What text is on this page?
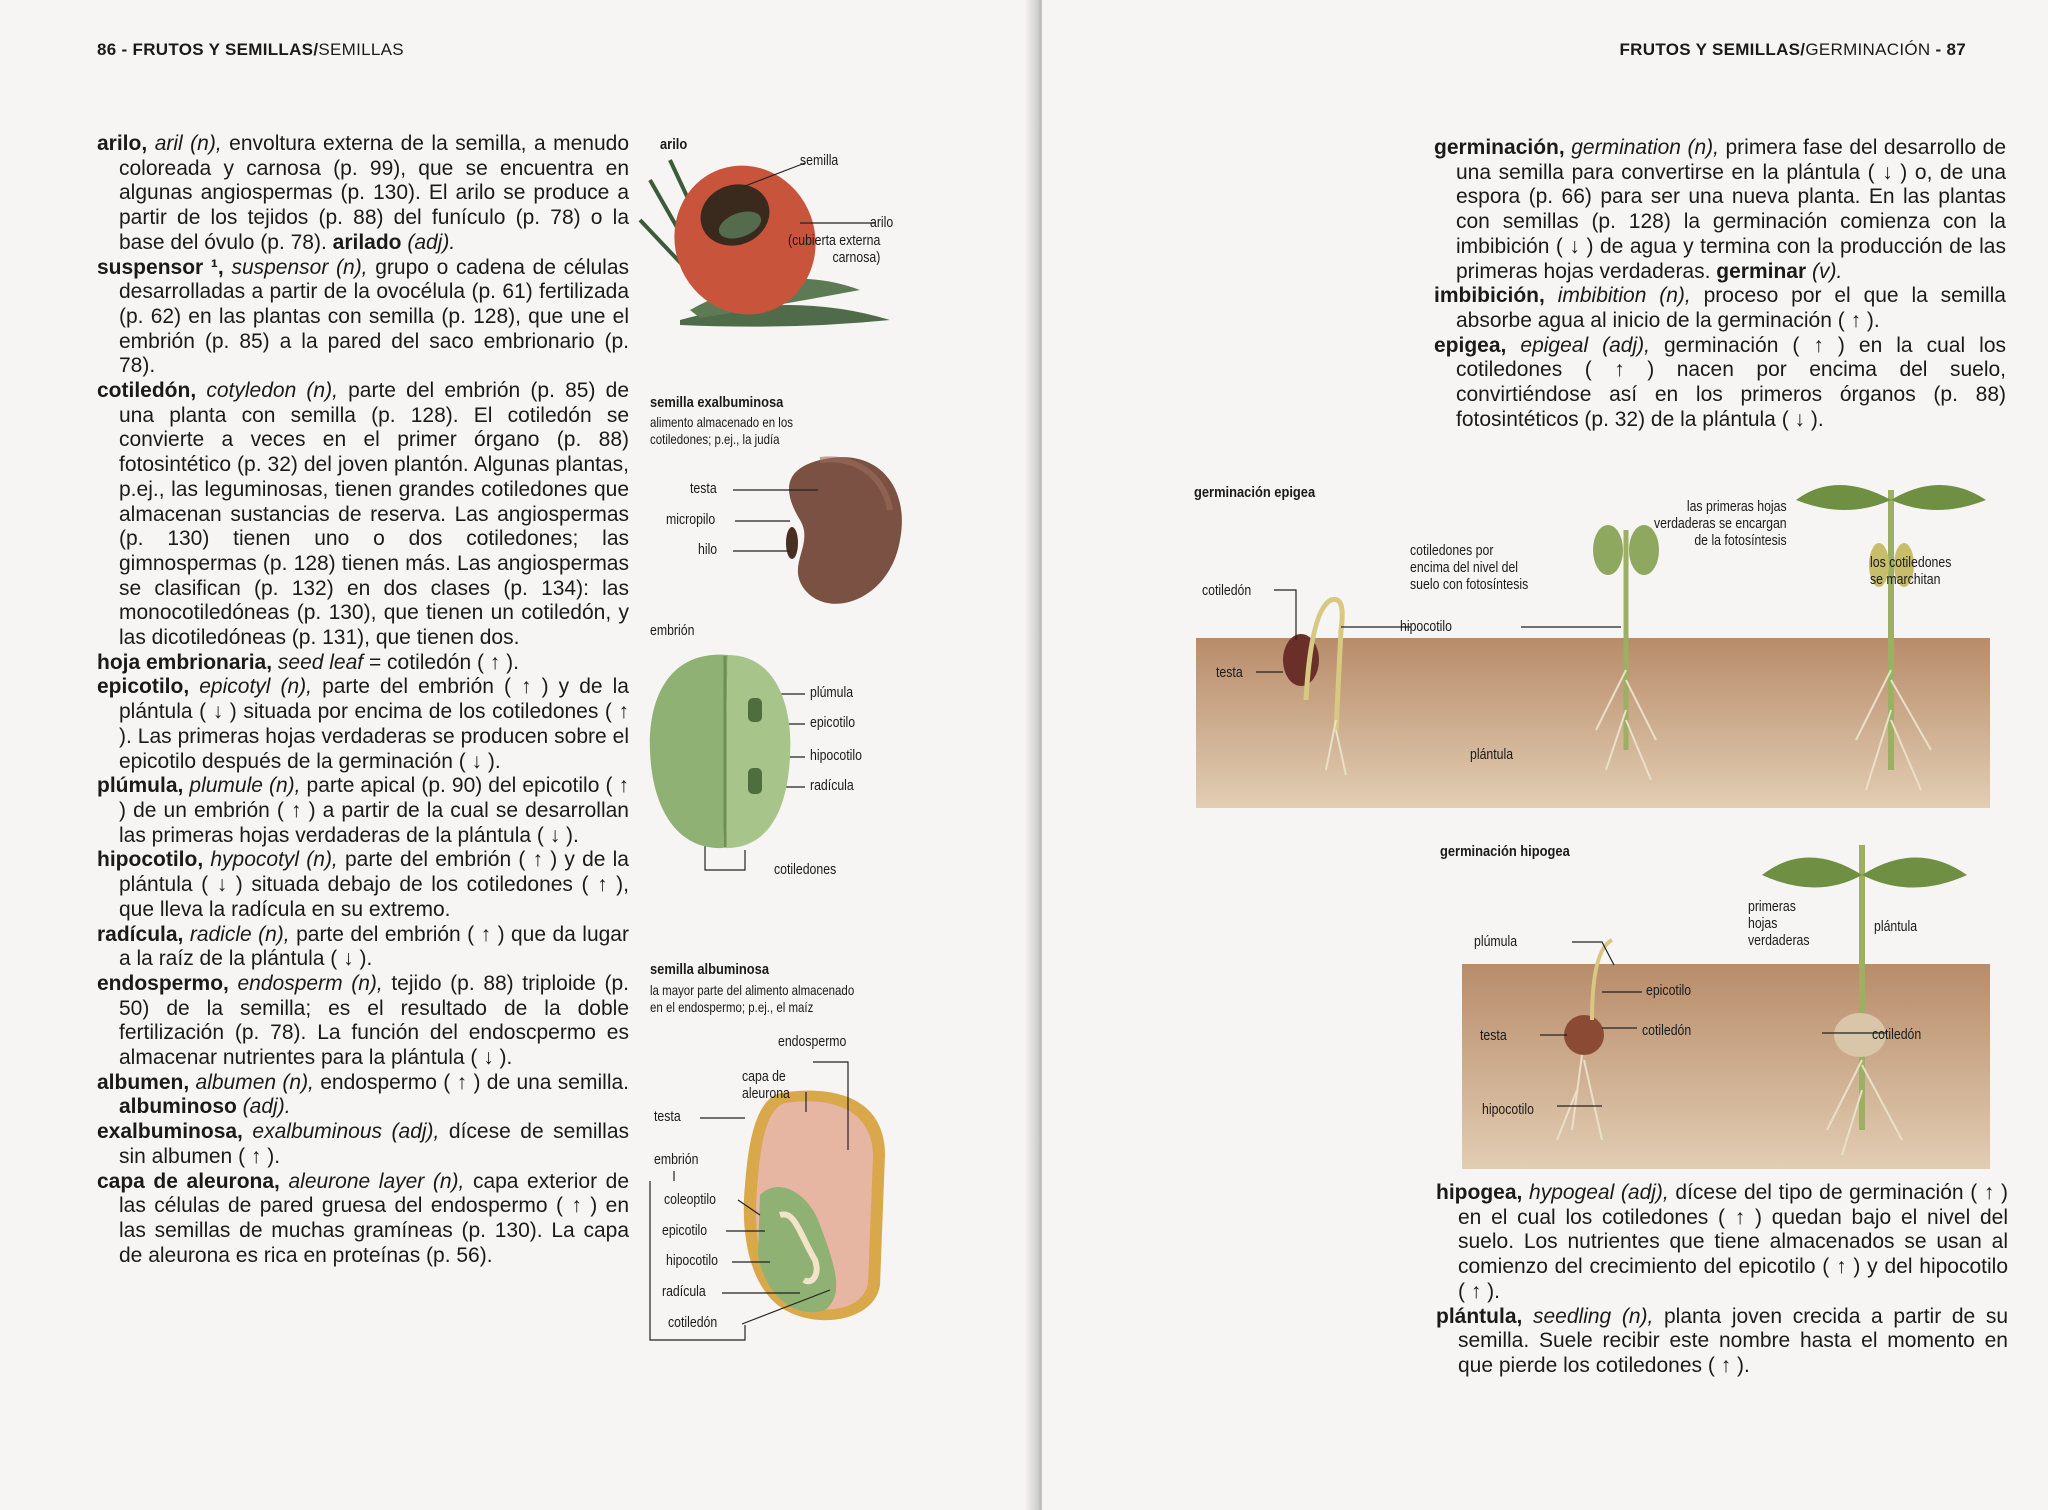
86 - FRUTOS Y SEMILLAS/SEMILLAS

arilo, aril (n), envoltura externa de la semilla, a menudo coloreada y carnosa (p. 99), que se encuentra en algunas angiospermas (p. 130). El arilo se produce a partir de los tejidos (p. 88) del funículo (p. 78) o la base del óvulo (p. 78). arilado (adj).

suspensor ¹, suspensor (n), grupo o cadena de células desarrolladas a partir de la ovocélula (p. 61) fertilizada (p. 62) en las plantas con semilla (p. 128), que une el embrión (p. 85) a la pared del saco embrionario (p. 78).

cotiledón, cotyledon (n), parte del embrión (p. 85) de una planta con semilla (p. 128). El cotiledón se convierte a veces en el primer órgano (p. 88) fotosintético (p. 32) del joven plantón. Algunas plantas, p.ej., las leguminosas, tienen grandes cotiledones que almacenan sustancias de reserva. Las angiospermas (p. 130) tienen uno o dos cotiledones; las gimnospermas (p. 128) tienen más. Las angiospermas se clasifican (p. 132) en dos clases (p. 134): las monocotiledóneas (p. 130), que tienen un cotiledón, y las dicotiledóneas (p. 131), que tienen dos.

hoja embrionaria, seed leaf = cotiledón ( ↑ ).

epicotilo, epicotyl (n), parte del embrión ( ↑ ) y de la plántula ( ↓ ) situada por encima de los cotiledones ( ↑ ). Las primeras hojas verdaderas se producen sobre el epicotilo después de la germinación ( ↓ ).

plúmula, plumule (n), parte apical (p. 90) del epicotilo ( ↑ ) de un embrión ( ↑ ) a partir de la cual se desarrollan las primeras hojas verdaderas de la plántula ( ↓ ).

hipocotilo, hypocotyl (n), parte del embrión ( ↑ ) y de la plántula ( ↓ ) situada debajo de los cotiledones ( ↑ ), que lleva la radícula en su extremo.

radícula, radicle (n), parte del embrión ( ↑ ) que da lugar a la raíz de la plántula ( ↓ ).

endospermo, endosperm (n), tejido (p. 88) triploide (p. 50) de la semilla; es el resultado de la doble fertilización (p. 78). La función del endoscpermo es almacenar nutrientes para la plántula ( ↓ ).

albumen, albumen (n), endospermo ( ↑ ) de una semilla. albuminoso (adj).

exalbuminosa, exalbuminous (adj), dícese de semillas sin albumen ( ↑ ).

capa de aleurona, aleurone layer (n), capa exterior de las células de pared gruesa del endospermo ( ↑ ) en las semillas de muchas gramíneas (p. 130). La capa de aleurona es rica en proteínas (p. 56).

arilo
semilla
arilo
(cubierta externa
carnosa)
semilla exalbuminosa
alimento almacenado en los
cotiledones; p.ej., la judía
testa
micropilo
hilo
embrión
plúmula
epicotilo
hipocotilo
radícula
cotiledones
semilla albuminosa
la mayor parte del alimento almacenado
en el endospermo; p.ej., el maíz
endospermo
capa de
aleurona
testa
embrión
coleoptilo
epicotilo
hipocotilo
radícula
cotiledón
FRUTOS Y SEMILLAS/GERMINACIÓN - 87

germinación, germination (n), primera fase del desarrollo de una semilla para convertirse en la plántula ( ↓ ) o, de una espora (p. 66) para ser una nueva planta. En las plantas con semillas (p. 128) la germinación comienza con la imbibición ( ↓ ) de agua y termina con la producción de las primeras hojas verdaderas. germinar (v).

imbibición, imbibition (n), proceso por el que la semilla absorbe agua al inicio de la germinación ( ↑ ).

epigea, epigeal (adj), germinación ( ↑ ) en la cual los cotiledones ( ↑ ) nacen por encima del suelo, convirtiéndose así en los primeros órganos (p. 88) fotosintéticos (p. 32) de la plántula ( ↓ ).

germinación epigea
cotiledón
testa
hipocotilo
plántula
cotiledones por
encima del nivel del
suelo con fotosíntesis
las primeras hojas
verdaderas se encargan
de la fotosíntesis
los cotiledones
se marchitan
germinación hipogea
plúmula
primeras
hojas
verdaderas
plántula
epicotilo
testa	cotiledón	cotiledón
hipocotilo

hipogea, hypogeal (adj), dícese del tipo de germinación ( ↑ ) en el cual los cotiledones ( ↑ ) quedan bajo el nivel del suelo. Los nutrientes que tiene almacenados se usan al comienzo del crecimiento del epicotilo ( ↑ ) y del hipocotilo ( ↑ ).

plántula, seedling (n), planta joven crecida a partir de su semilla. Suele recibir este nombre hasta el momento en que pierde los cotiledones ( ↑ ).
